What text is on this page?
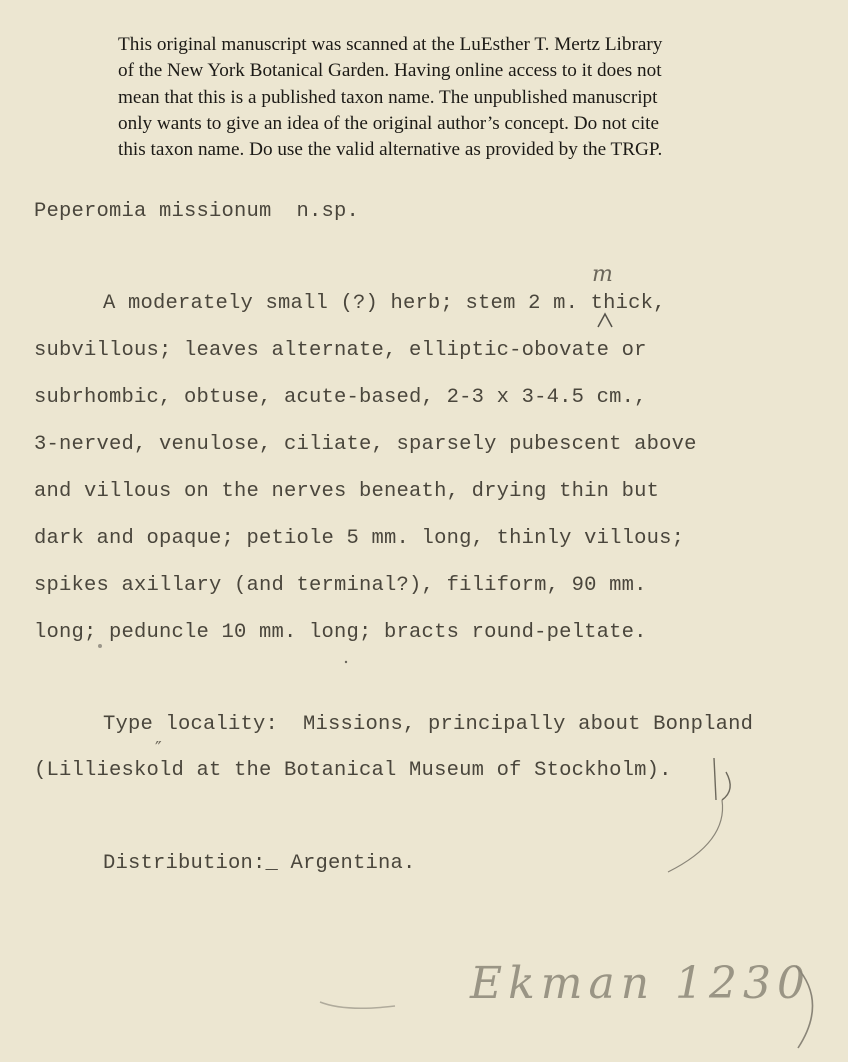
This original manuscript was scanned at the LuEsther T. Mertz Library
of the New York Botanical Garden. Having online access to it does not
mean that this is a published taxon name. The unpublished manuscript
only wants to give an idea of the original author’s concept. Do not cite
this taxon name. Do use the valid alternative as provided by the TRGP.

Peperomia missionum  n.sp.
A moderately small (?) herb; stem 2 m. thick,
subvillous; leaves alternate, elliptic-obovate or
subrhombic, obtuse, acute-based, 2-3 x 3-4.5 cm.,
3-nerved, venulose, ciliate, sparsely pubescent above
and villous on the nerves beneath, drying thin but
dark and opaque; petiole 5 mm. long, thinly villous;
spikes axillary (and terminal?), filiform, 90 mm.
long; peduncle 10 mm. long; bracts round-peltate.
m
Type locality:  Missions, principally about Bonpland
(Lillieskold at the Botanical Museum of Stockholm).
″
Distribution:_ Argentina.
Ekman 1230
